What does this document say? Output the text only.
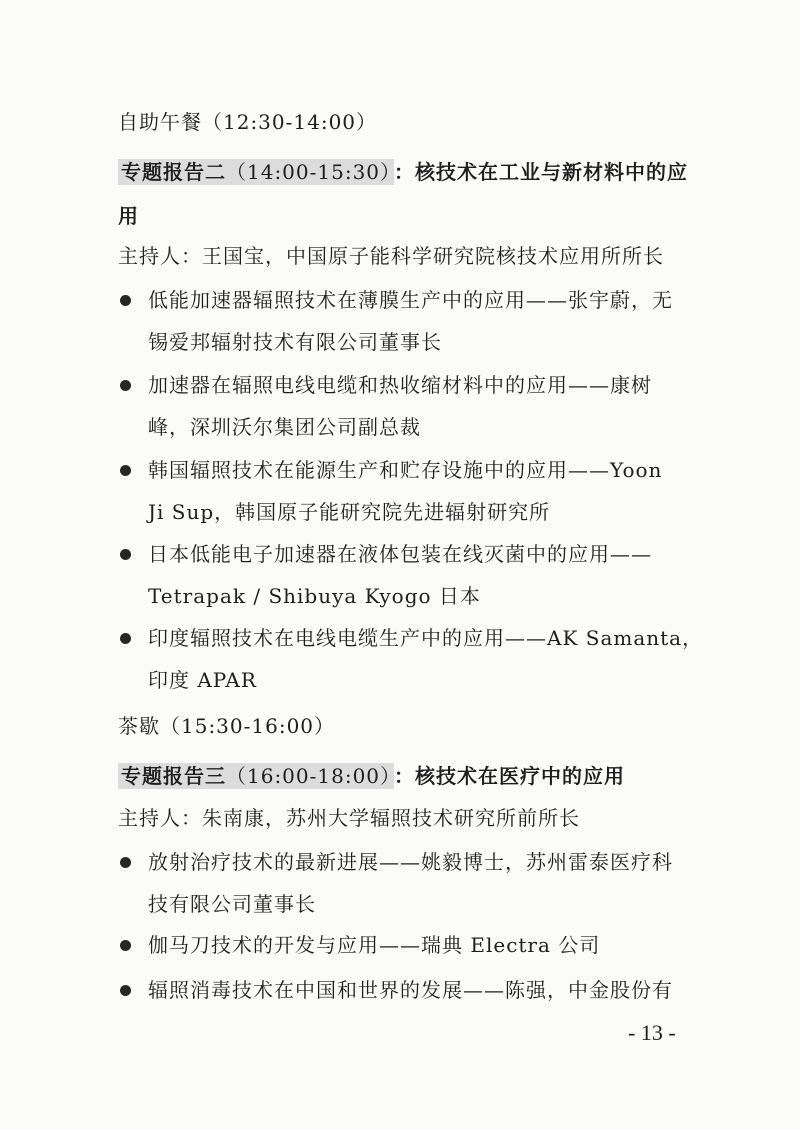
自助午餐（12:30-14:00）
专题报告二（14:00-15:30） ：核技术在工业与新材料中的应
用
主持人：王国宝，中国原子能科学研究院核技术应用所所长
低能加速器辐照技术在薄膜生产中的应用——张宇蔚，无
锡爱邦辐射技术有限公司董事长
加速器在辐照电线电缆和热收缩材料中的应用——康树
峰，深圳沃尔集团公司副总裁
韩国辐照技术在能源生产和贮存设施中的应用——Yoon
Ji Sup，韩国原子能研究院先进辐射研究所
日本低能电子加速器在液体包装在线灭菌中的应用——
Tetrapak / Shibuya Kyogo 日本
印度辐照技术在电线电缆生产中的应用——AK Samanta，
印度 APAR
茶歇（15:30-16:00）
专题报告三（16:00-18:00） ：核技术在医疗中的应用
主持人：朱南康，苏州大学辐照技术研究所前所长
放射治疗技术的最新进展——姚毅博士，苏州雷泰医疗科
技有限公司董事长
伽马刀技术的开发与应用——瑞典 Electra 公司
辐照消毒技术在中国和世界的发展——陈强，中金股份有
- 13 -
